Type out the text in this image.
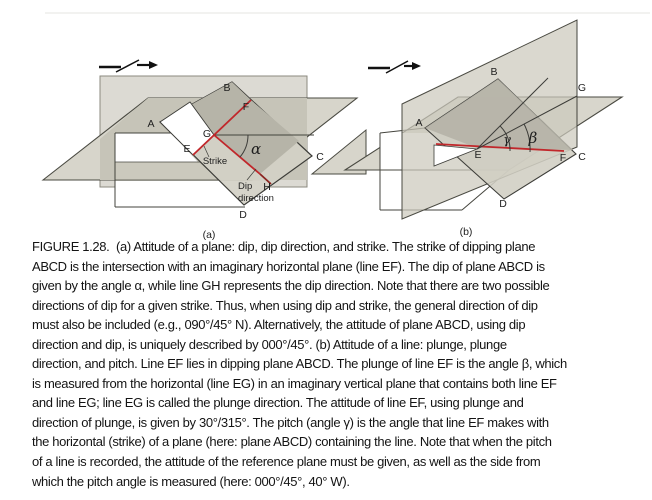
A
B
C
D
E
F
G
H
α
Strike
Dip
direction
(a)
A
B
C
D
E	F
G
γ β
(b)
FIGURE 1.28.  (a) Attitude of a plane: dip, dip direction, and strike. The strike of dipping plane
ABCD is the intersection with an imaginary horizontal plane (line EF). The dip of plane ABCD is
given by the angle α, while line GH represents the dip direction. Note that there are two possible
directions of dip for a given strike. Thus, when using dip and strike, the general direction of dip
must also be included (e.g., 090°/45° N). Alternatively, the attitude of plane ABCD, using dip
direction and dip, is uniquely described by 000°/45°. (b) Attitude of a line: plunge, plunge
direction, and pitch. Line EF lies in dipping plane ABCD. The plunge of line EF is the angle β, which
is measured from the horizontal (line EG) in an imaginary vertical plane that contains both line EF
and line EG; line EG is called the plunge direction. The attitude of line EF, using plunge and
direction of plunge, is given by 30°/315°. The pitch (angle γ) is the angle that line EF makes with
the horizontal (strike) of a plane (here: plane ABCD) containing the line. Note that when the pitch
of a line is recorded, the attitude of the reference plane must be given, as well as the side from
which the pitch angle is measured (here: 000°/45°, 40° W).
